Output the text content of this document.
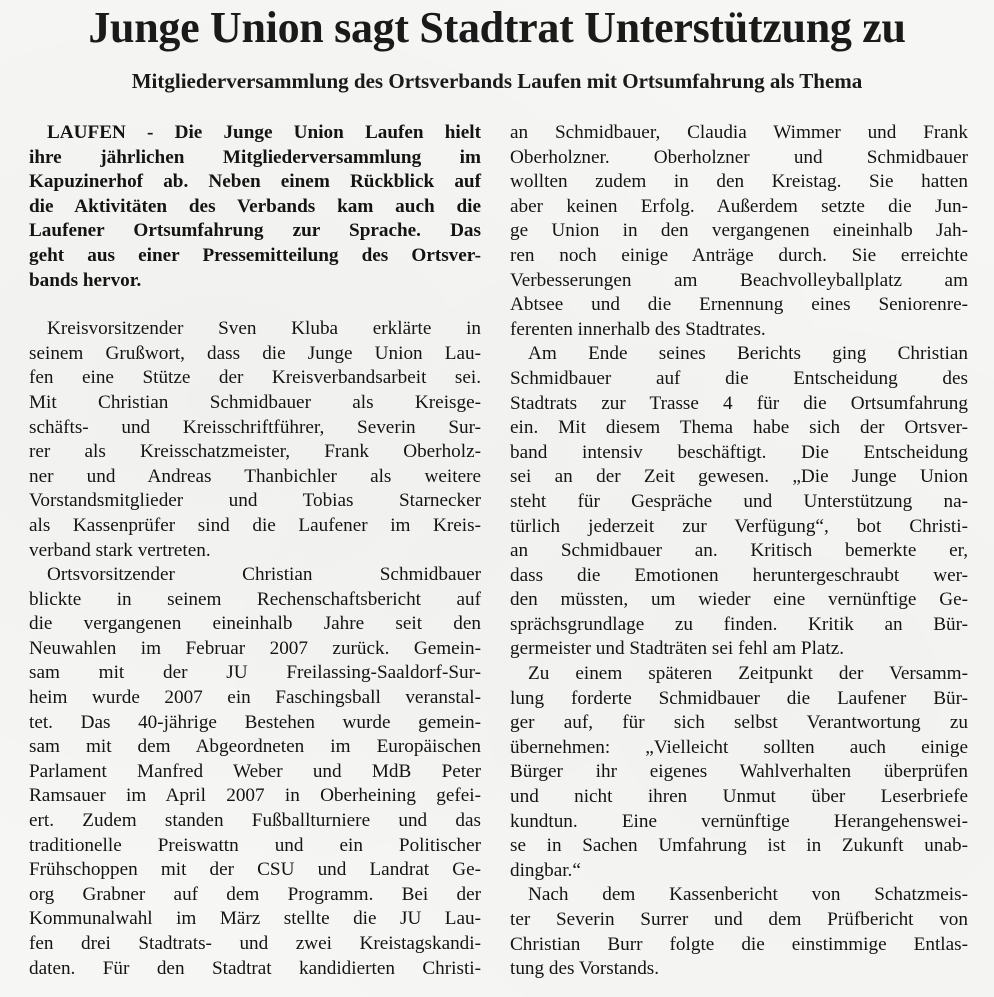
Junge Union sagt Stadtrat Unterstützung zu
Mitgliederversammlung des Ortsverbands Laufen mit Ortsumfahrung als Thema
LAUFEN - Die Junge Union Laufen hielt
ihre jährlichen Mitgliederversammlung im
Kapuzinerhof ab. Neben einem Rückblick auf
die Aktivitäten des Verbands kam auch die
Laufener Ortsumfahrung zur Sprache. Das
geht aus einer Pressemitteilung des Ortsver-
bands hervor.
Kreisvorsitzender Sven Kluba erklärte in
seinem Grußwort, dass die Junge Union Lau-
fen eine Stütze der Kreisverbandsarbeit sei.
Mit Christian Schmidbauer als Kreisge-
schäfts- und Kreisschriftführer, Severin Sur-
rer als Kreisschatzmeister, Frank Oberholz-
ner und Andreas Thanbichler als weitere
Vorstandsmitglieder und Tobias Starnecker
als Kassenprüfer sind die Laufener im Kreis-
verband stark vertreten.
Ortsvorsitzender Christian Schmidbauer
blickte in seinem Rechenschaftsbericht auf
die vergangenen eineinhalb Jahre seit den
Neuwahlen im Februar 2007 zurück. Gemein-
sam mit der JU Freilassing-Saaldorf-Sur-
heim wurde 2007 ein Faschingsball veranstal-
tet. Das 40-jährige Bestehen wurde gemein-
sam mit dem Abgeordneten im Europäischen
Parlament Manfred Weber und MdB Peter
Ramsauer im April 2007 in Oberheining gefei-
ert. Zudem standen Fußballturniere und das
traditionelle Preiswattn und ein Politischer
Frühschoppen mit der CSU und Landrat Ge-
org Grabner auf dem Programm. Bei der
Kommunalwahl im März stellte die JU Lau-
fen drei Stadtrats- und zwei Kreistagskandi-
daten. Für den Stadtrat kandidierten Christi-
an Schmidbauer, Claudia Wimmer und Frank
Oberholzner. Oberholzner und Schmidbauer
wollten zudem in den Kreistag. Sie hatten
aber keinen Erfolg. Außerdem setzte die Jun-
ge Union in den vergangenen eineinhalb Jah-
ren noch einige Anträge durch. Sie erreichte
Verbesserungen am Beachvolleyballplatz am
Abtsee und die Ernennung eines Seniorenre-
ferenten innerhalb des Stadtrates.
Am Ende seines Berichts ging Christian
Schmidbauer auf die Entscheidung des
Stadtrats zur Trasse 4 für die Ortsumfahrung
ein. Mit diesem Thema habe sich der Ortsver-
band intensiv beschäftigt. Die Entscheidung
sei an der Zeit gewesen. „Die Junge Union
steht für Gespräche und Unterstützung na-
türlich jederzeit zur Verfügung“, bot Christi-
an Schmidbauer an. Kritisch bemerkte er,
dass die Emotionen heruntergeschraubt wer-
den müssten, um wieder eine vernünftige Ge-
sprächsgrundlage zu finden. Kritik an Bür-
germeister und Stadträten sei fehl am Platz.
Zu einem späteren Zeitpunkt der Versamm-
lung forderte Schmidbauer die Laufener Bür-
ger auf, für sich selbst Verantwortung zu
übernehmen: „Vielleicht sollten auch einige
Bürger ihr eigenes Wahlverhalten überprüfen
und nicht ihren Unmut über Leserbriefe
kundtun. Eine vernünftige Herangehenswei-
se in Sachen Umfahrung ist in Zukunft unab-
dingbar.“
Nach dem Kassenbericht von Schatzmeis-
ter Severin Surrer und dem Prüfbericht von
Christian Burr folgte die einstimmige Entlas-
tung des Vorstands.
